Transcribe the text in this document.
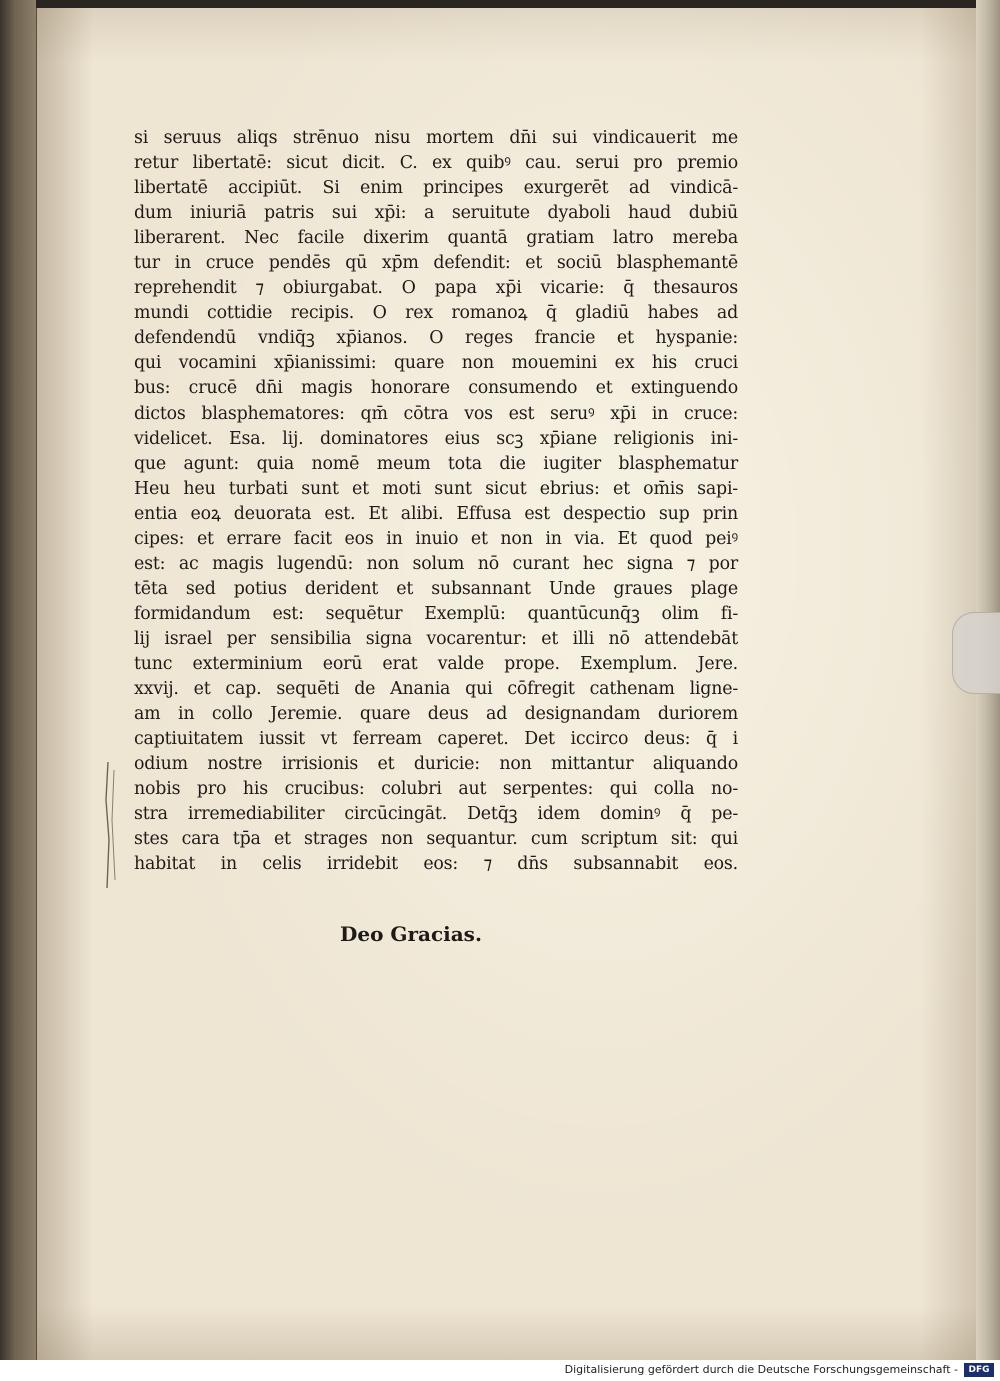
si seruus aliqs strēnuo nisu mortem dn̄i sui vindicauerit me
retur libertatē: sicut dicit. C. ex quibꝰ cau. serui pro premio
libertatē accipiūt. Si enim principes exurgerēt ad vindicā-
dum iniuriā patris sui xp̄i: a seruitute dyaboli haud dubiū
liberarent. Nec facile dixerim quantā gratiam latro mereba
tur in cruce pendēs qū xp̄m defendit: et sociū blasphemantē
reprehendit ⁊ obiurgabat. O papa xp̄i vicarie: q̄ thesauros
mundi cottidie recipis. O rex romanoꝝ q̄ gladiū habes ad
defendendū vndiq̄ꝫ xp̄ianos. O reges francie et hyspanie:
qui vocamini xp̄ianissimi: quare non mouemini ex his cruci
bus: crucē dn̄i magis honorare consumendo et extinguendo
dictos blasphematores: qm̄ cōtra vos est seruꝰ xp̄i in cruce:
videlicet. Esa. lij. dominatores eius scꝫ xp̄iane religionis ini-
que agunt: quia nomē meum tota die iugiter blasphematur
Heu heu turbati sunt et moti sunt sicut ebrius: et om̄is sapi-
entia eoꝝ deuorata est. Et alibi. Effusa est despectio sup prin
cipes: et errare facit eos in inuio et non in via. Et quod peiꝰ
est: ac magis lugendū: non solum nō curant hec signa ⁊ por
tēta sed potius derident et subsannant Unde graues plage
formidandum est: sequētur Exemplū: quantūcunq̄ꝫ olim fi-
lij israel per sensibilia signa vocarentur: et illi nō attendebāt
tunc exterminium eorū erat valde prope. Exemplum. Jere.
xxvij. et cap. sequēti de Anania qui cōfregit cathenam ligne-
am in collo Jeremie. quare deus ad designandam duriorem
captiuitatem iussit vt ferream caperet. Det iccirco deus: q̄ i
odium nostre irrisionis et duricie: non mittantur aliquando
nobis pro his crucibus: colubri aut serpentes: qui colla no-
stra irremediabiliter circūcingāt. Detq̄ꝫ idem dominꝰ q̄ pe-
stes cara tp̄a et strages non sequantur. cum scriptum sit: qui
habitat in celis irridebit eos: ⁊ dn̄s subsannabit eos.
Deo Gracias.
Digitalisierung gefördert durch die Deutsche Forschungsgemeinschaft -	DFG
